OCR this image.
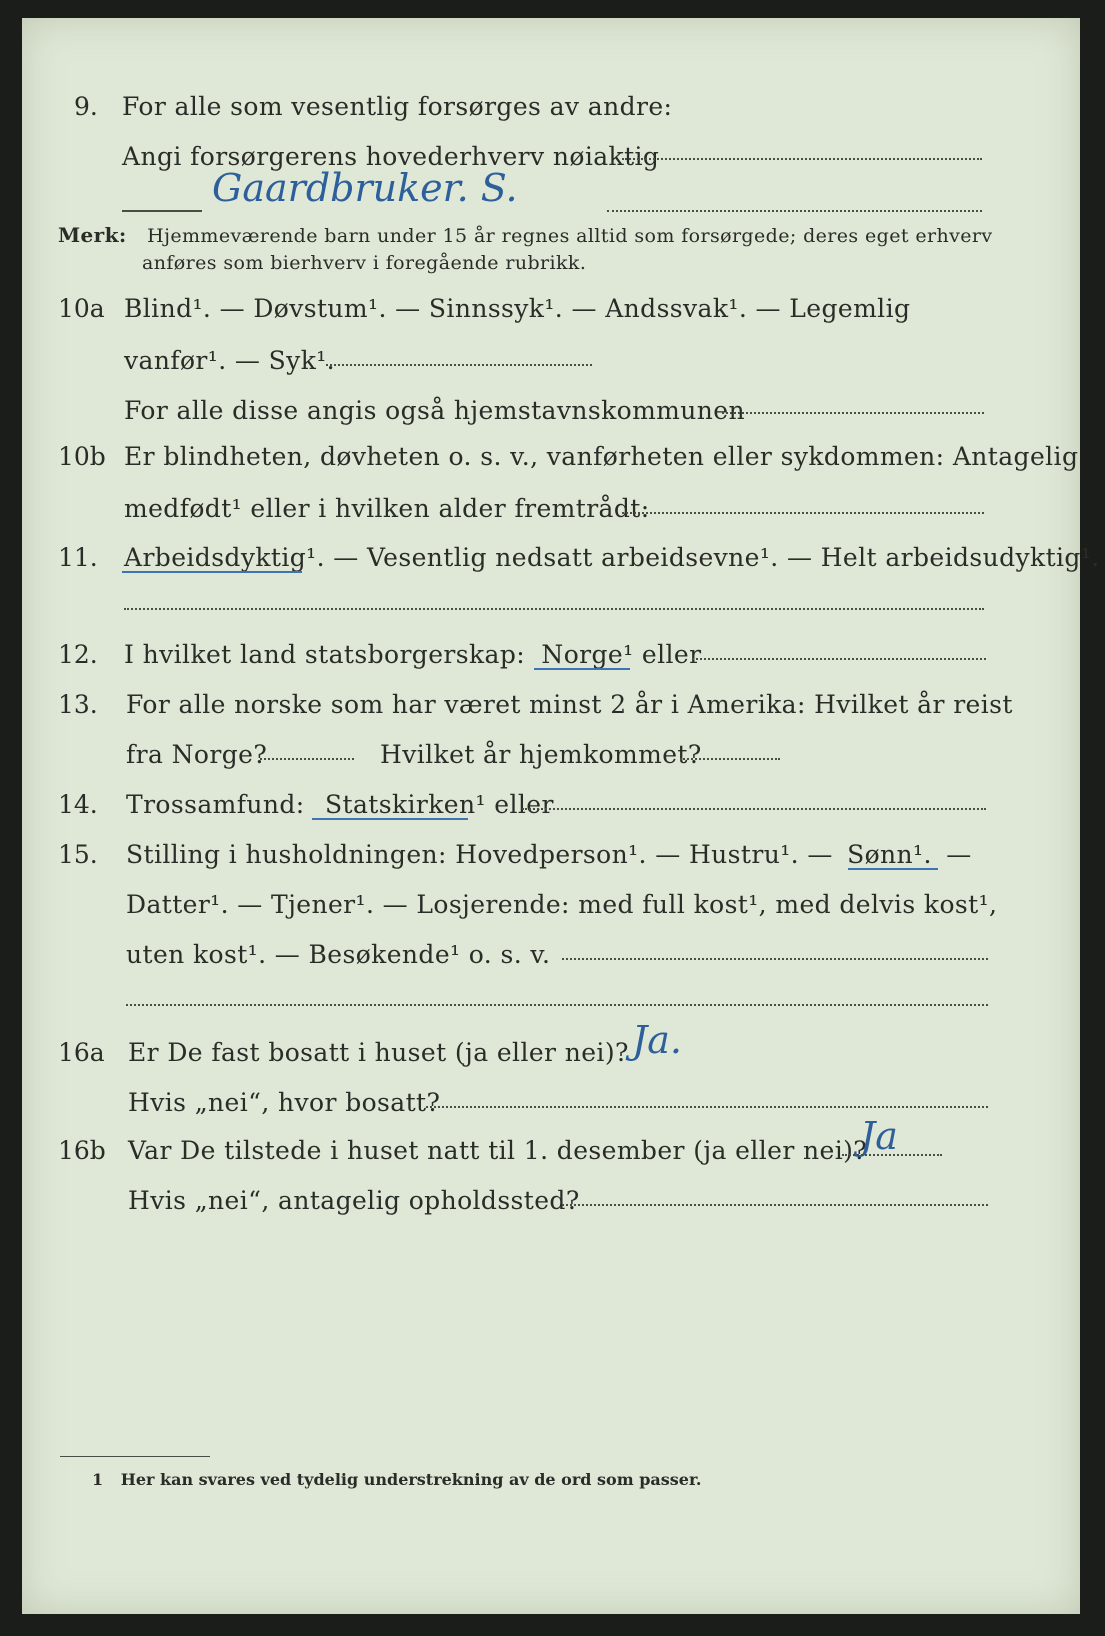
9. For alle som vesentlig forsørges av andre:
Angi forsørgerens hovederhverv nøiaktig
Gaardbruker. S.
Merk: Hjemmeværende barn under 15 år regnes alltid som forsørgede; deres eget erhverv
anføres som bierhverv i foregående rubrikk.
10a Blind¹. — Døvstum¹. — Sinnssyk¹. — Andssvak¹. — Legemlig
vanfør¹. — Syk¹.
For alle disse angis også hjemstavnskommunen
10b Er blindheten, døvheten o. s. v., vanførheten eller sykdommen: Antagelig
medfødt¹ eller i hvilken alder fremtrådt:
11. Arbeidsdyktig¹. — Vesentlig nedsatt arbeidsevne¹. — Helt arbeidsudyktig¹.
12. I hvilket land statsborgerskap: Norge¹ eller
13. For alle norske som har været minst 2 år i Amerika: Hvilket år reist
fra Norge?	Hvilket år hjemkommet?
14. Trossamfund: Statskirken¹ eller
15. Stilling i husholdningen: Hovedperson¹. — Hustru¹. — Sønn¹. —
Datter¹. — Tjener¹. — Losjerende: med full kost¹, med delvis kost¹,
uten kost¹. — Besøkende¹ o. s. v.
16a Er De fast bosatt i huset (ja eller nei)? Ja.
Hvis „nei“, hvor bosatt?
16b Var De tilstede i huset natt til 1. desember (ja eller nei)?
Ja
Hvis „nei“, antagelig opholdssted?
1 Her kan svares ved tydelig understrekning av de ord som passer.
